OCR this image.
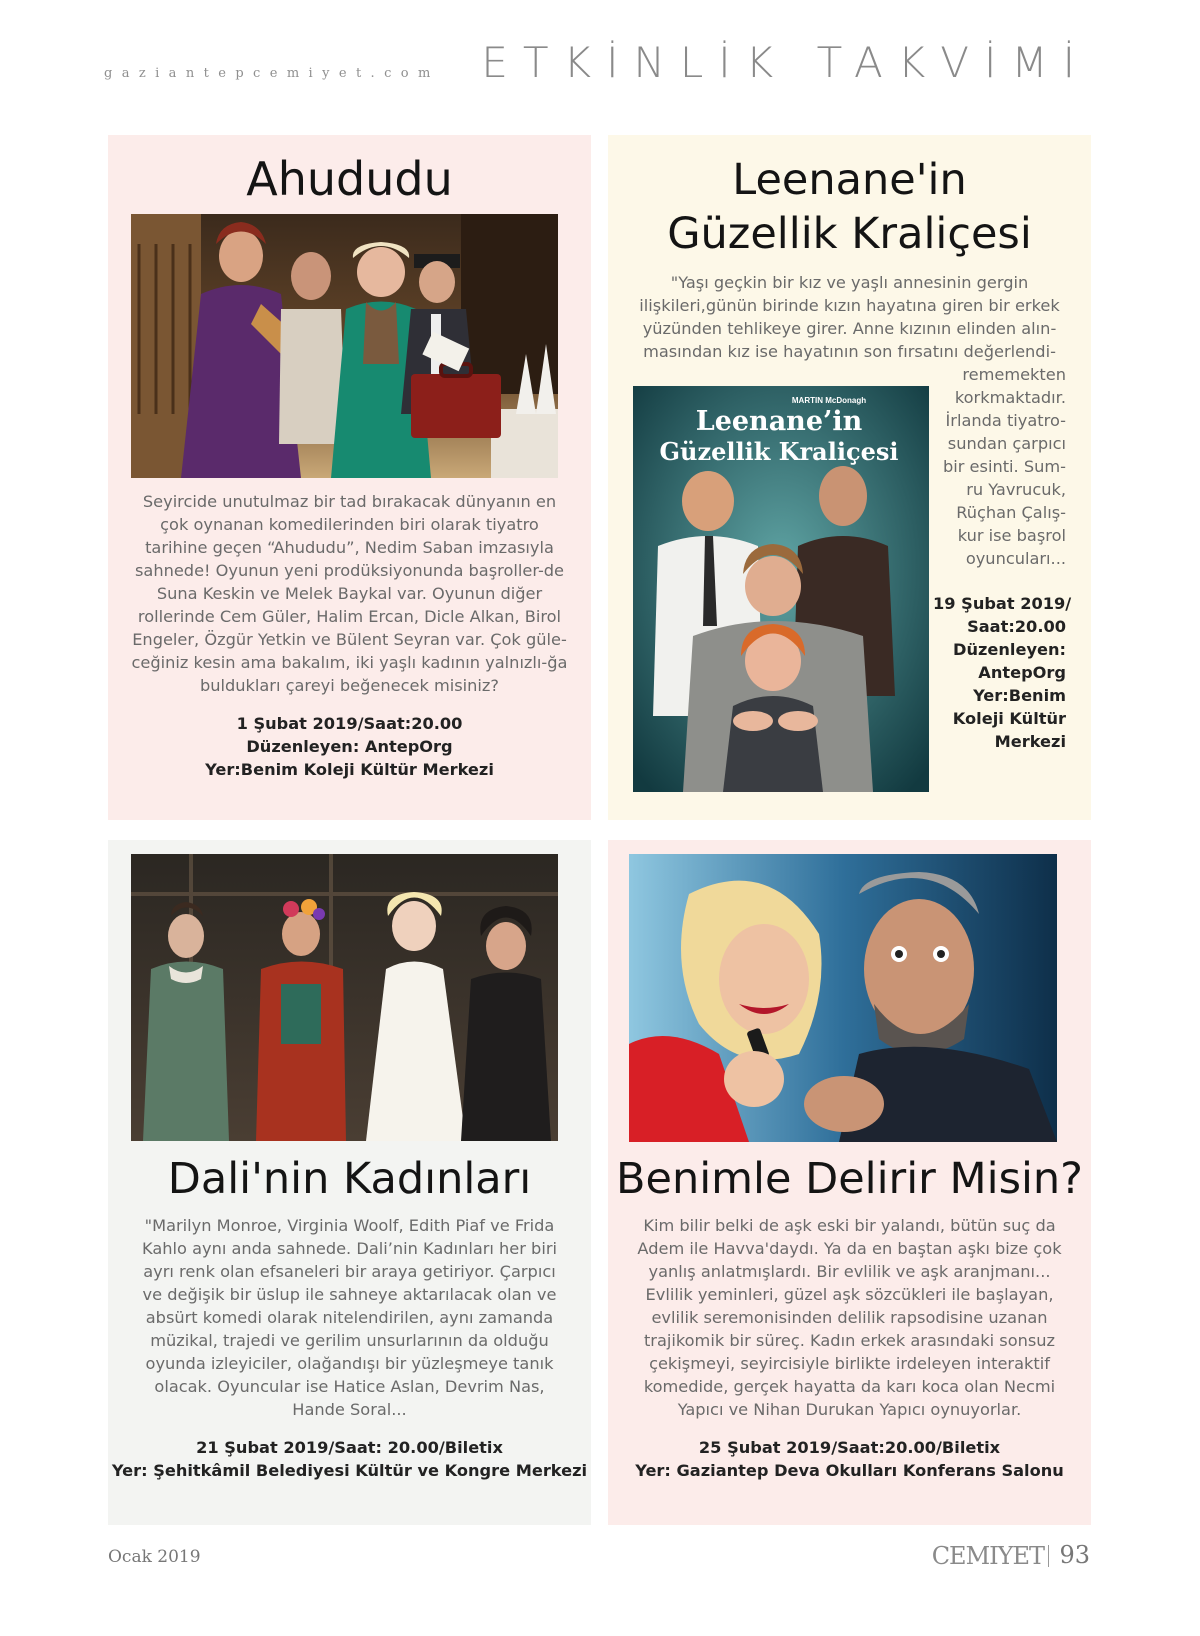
gaziantepcemiyet.com ETKİNLİK TAKVİMİ
Ahududu

Seyircide unutulmaz bir tad bırakacak dünyanın en çok oynanan komedilerinden biri olarak tiyatro tarihine geçen “Ahududu”, Nedim Saban imzasıyla sahnede! Oyunun yeni prodüksiyonunda başroller-de Suna Keskin ve Melek Baykal var. Oyunun diğer rollerinde Cem Güler, Halim Ercan, Dicle Alkan, Birol Engeler, Özgür Yetkin ve Bülent Seyran var. Çok güle-ceğiniz kesin ama bakalım, iki yaşlı kadının yalnızlı-ğa buldukları çareyi beğenecek misiniz?

1 Şubat 2019/Saat:20.00
Düzenleyen: AntepOrg
Yer:Benim Koleji Kültür Merkezi
Leenane'in
Güzellik Kraliçesi

"Yaşı geçkin bir kız ve yaşlı annesinin gergin ilişkileri,günün birinde kızın hayatına giren bir erkek yüzünden tehlikeye girer. Anne kızının elinden alın-masından kız ise hayatının son fırsatını değerlendi-

MARTIN McDonagh
Leenane’in
Güzellik Kraliçesi
rememekten
korkmaktadır.
İrlanda tiyatro-
sundan çarpıcı
bir esinti. Sum-
ru Yavrucuk,
Rüçhan Çalış-
kur ise başrol
oyuncuları...
19 Şubat 2019/
Saat:20.00
Düzenleyen:
AntepOrg
Yer:Benim
Koleji Kültür
Merkezi
Dali'nin Kadınları

"Marilyn Monroe, Virginia Woolf, Edith Piaf ve Frida Kahlo aynı anda sahnede. Dali’nin Kadınları her biri ayrı renk olan efsaneleri bir araya getiriyor. Çarpıcı ve değişik bir üslup ile sahneye aktarılacak olan ve absürt komedi olarak nitelendirilen, aynı zamanda müzikal, trajedi ve gerilim unsurlarının da olduğu oyunda izleyiciler, olağandışı bir yüzleşmeye tanık olacak. Oyuncular ise Hatice Aslan, Devrim Nas, Hande Soral...

21 Şubat 2019/Saat: 20.00/Biletix
Yer: Şehitkâmil Belediyesi Kültür ve Kongre Merkezi
Benimle Delirir Misin?

Kim bilir belki de aşk eski bir yalandı, bütün suç da Adem ile Havva'daydı. Ya da en baştan aşkı bize çok yanlış anlatmışlardı. Bir evlilik ve aşk aranjmanı... Evlilik yeminleri, güzel aşk sözcükleri ile başlayan, evlilik seremonisinden delilik rapsodisine uzanan trajikomik bir süreç. Kadın erkek arasındaki sonsuz çekişmeyi, seyircisiyle birlikte irdeleyen interaktif komedide, gerçek hayatta da karı koca olan Necmi Yapıcı ve Nihan Durukan Yapıcı oynuyorlar.

25 Şubat 2019/Saat:20.00/Biletix
Yer: Gaziantep Deva Okulları Konferans Salonu
Ocak 2019	CEMIYET 93
